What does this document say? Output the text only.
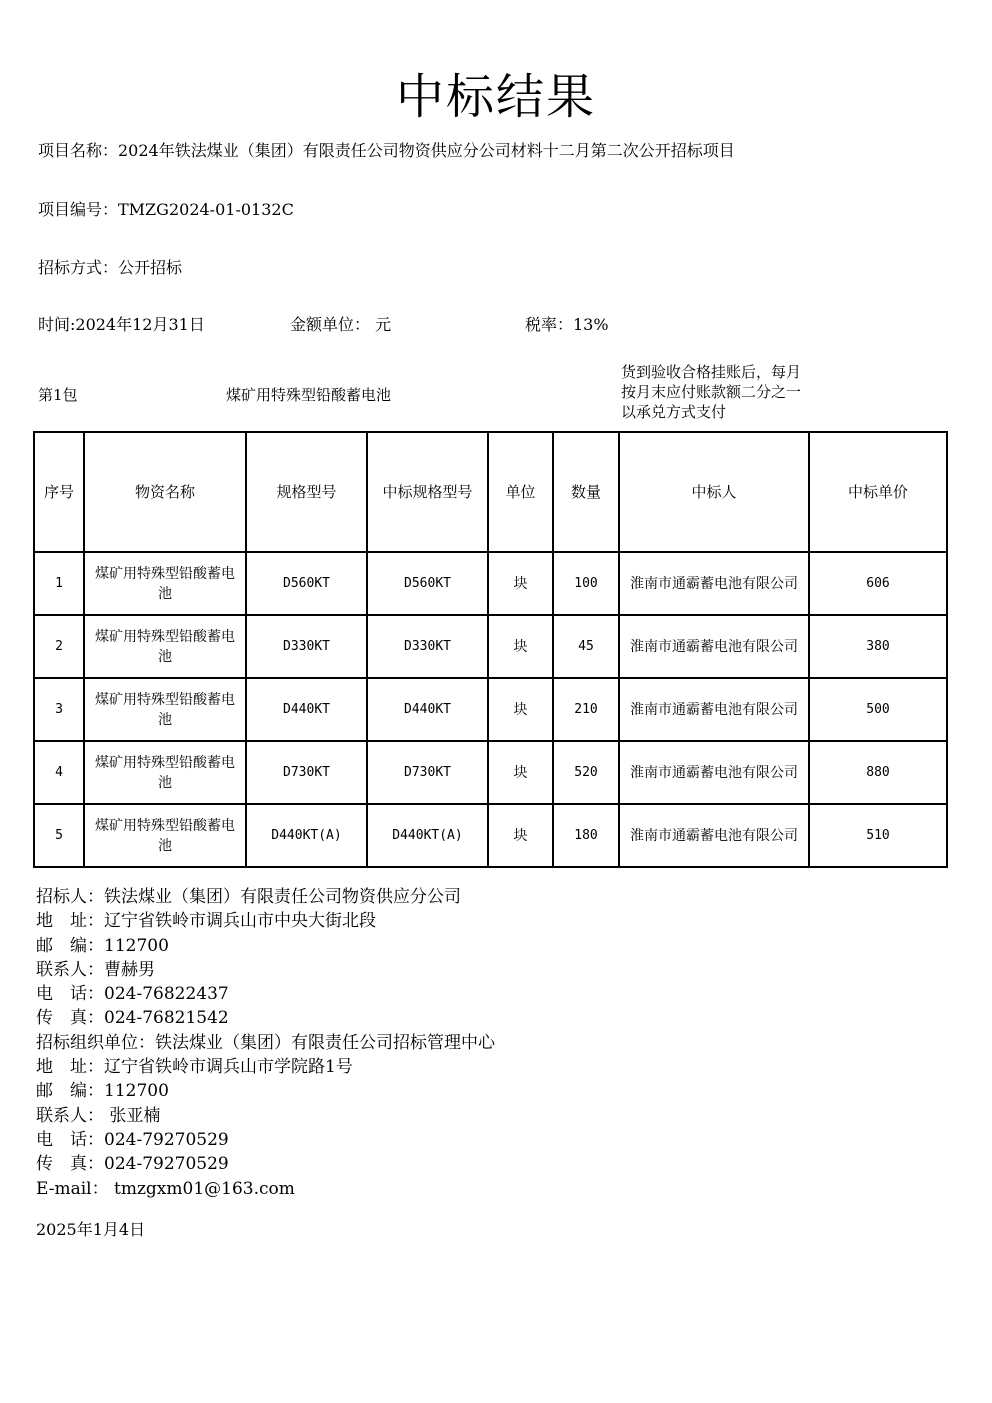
中标结果
项目名称：2024年铁法煤业（集团）有限责任公司物资供应分公司材料十二月第二次公开招标项目
项目编号：TMZG2024-01-0132C
招标方式：公开招标
时间:2024年12月31日	金额单位： 元	税率：13%
第1包	煤矿用特殊型铅酸蓄电池
货到验收合格挂账后，每月按月末应付账款额二分之一以承兑方式支付
序号	物资名称	规格型号	中标规格型号	单位	数量	中标人	中标单价
1	煤矿用特殊型铅酸蓄电池	D560KT	D560KT	块	100	淮南市通霸蓄电池有限公司	606
2	煤矿用特殊型铅酸蓄电池	D330KT	D330KT	块	45	淮南市通霸蓄电池有限公司	380
3	煤矿用特殊型铅酸蓄电池	D440KT	D440KT	块	210	淮南市通霸蓄电池有限公司	500
4	煤矿用特殊型铅酸蓄电池	D730KT	D730KT	块	520	淮南市通霸蓄电池有限公司	880
5	煤矿用特殊型铅酸蓄电池	D440KT(A)	D440KT(A)	块	180	淮南市通霸蓄电池有限公司	510
招标人：铁法煤业（集团）有限责任公司物资供应分公司
地　址：辽宁省铁岭市调兵山市中央大街北段
邮　编：112700
联系人：曹赫男
电　话：024-76822437
传　真：024-76821542
招标组织单位：铁法煤业（集团）有限责任公司招标管理中心
地　址：辽宁省铁岭市调兵山市学院路1号
邮　编：112700
联系人： 张亚楠
电　话：024-79270529
传　真：024-79270529
E-mail： tmzgxm01@163.com
2025年1月4日
